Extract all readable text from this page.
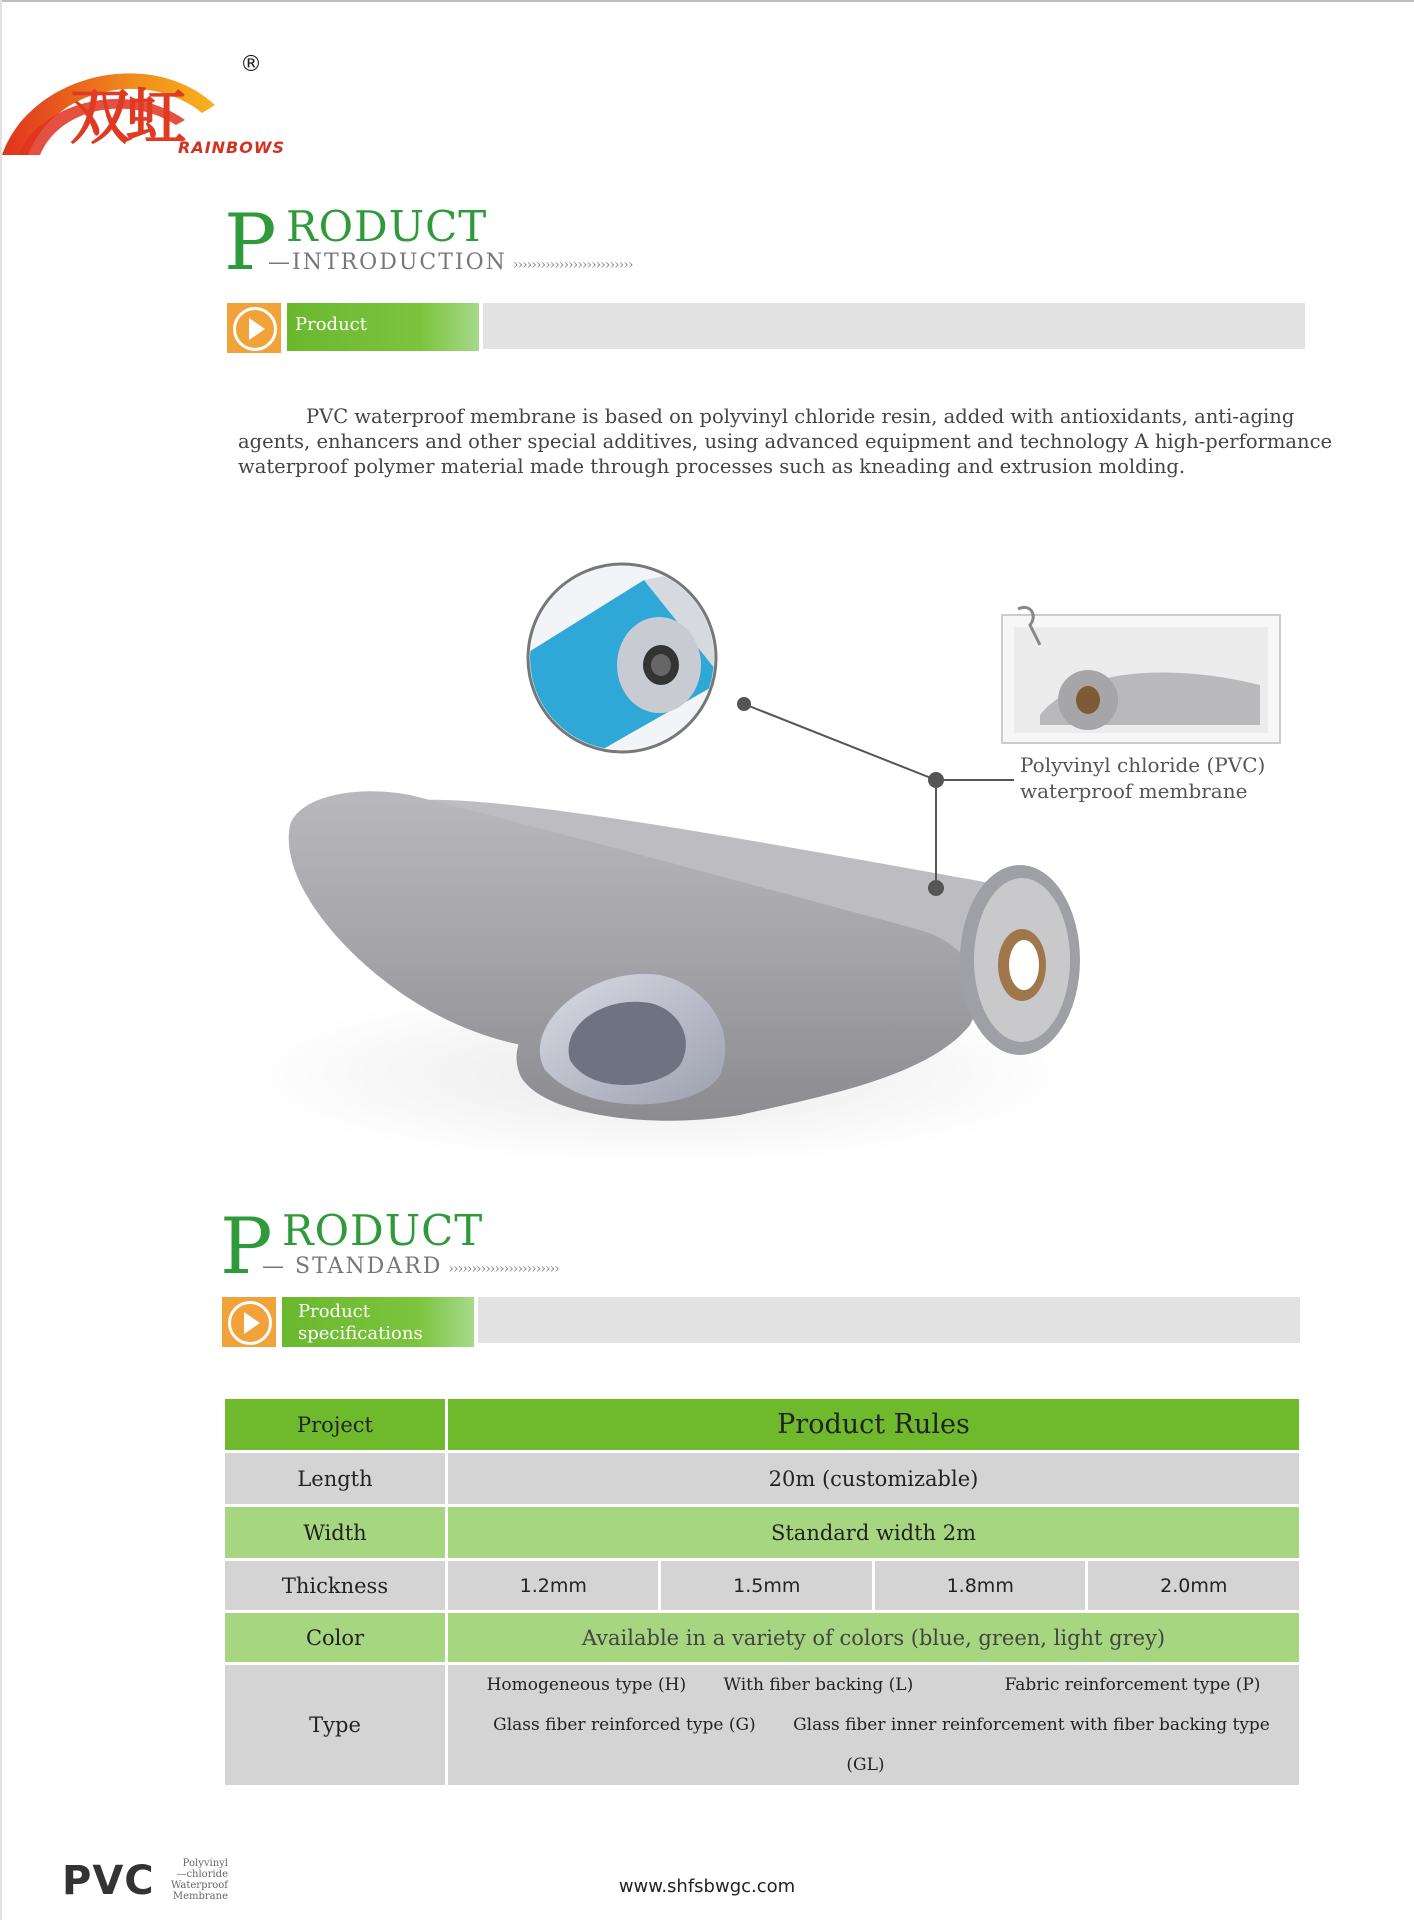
双虹
RAINBOWS
®
P RODUCT
—INTRODUCTION ››››››››››››››››››››››››››
Product Introduction
PVC waterproof membrane is based on polyvinyl chloride resin, added with antioxidants, anti-aging agents, enhancers and other special additives, using advanced equipment and technology A high-performance waterproof polymer material made through processes such as kneading and extrusion molding.
Polyvinyl chloride (PVC)
waterproof membrane
P RODUCT
— STANDARD ››››››››››››››››››››››››
Product
specifications
Project	Product Rules			
Length	20m (customizable)			
Width	Standard width 2m			
Thickness	1.2mm	1.5mm	1.8mm	2.0mm
Color	Available in a variety of colors (blue, green, light grey)			
Type	Homogeneous type (H) With fiber backing (L) Fabric reinforcement type (P)
Glass fiber reinforced type (G) Glass fiber inner reinforcement with fiber backing type (GL)			
PVC	Polyvinyl
—chloride
Waterproof
Membrane	www.shfsbwgc.com
